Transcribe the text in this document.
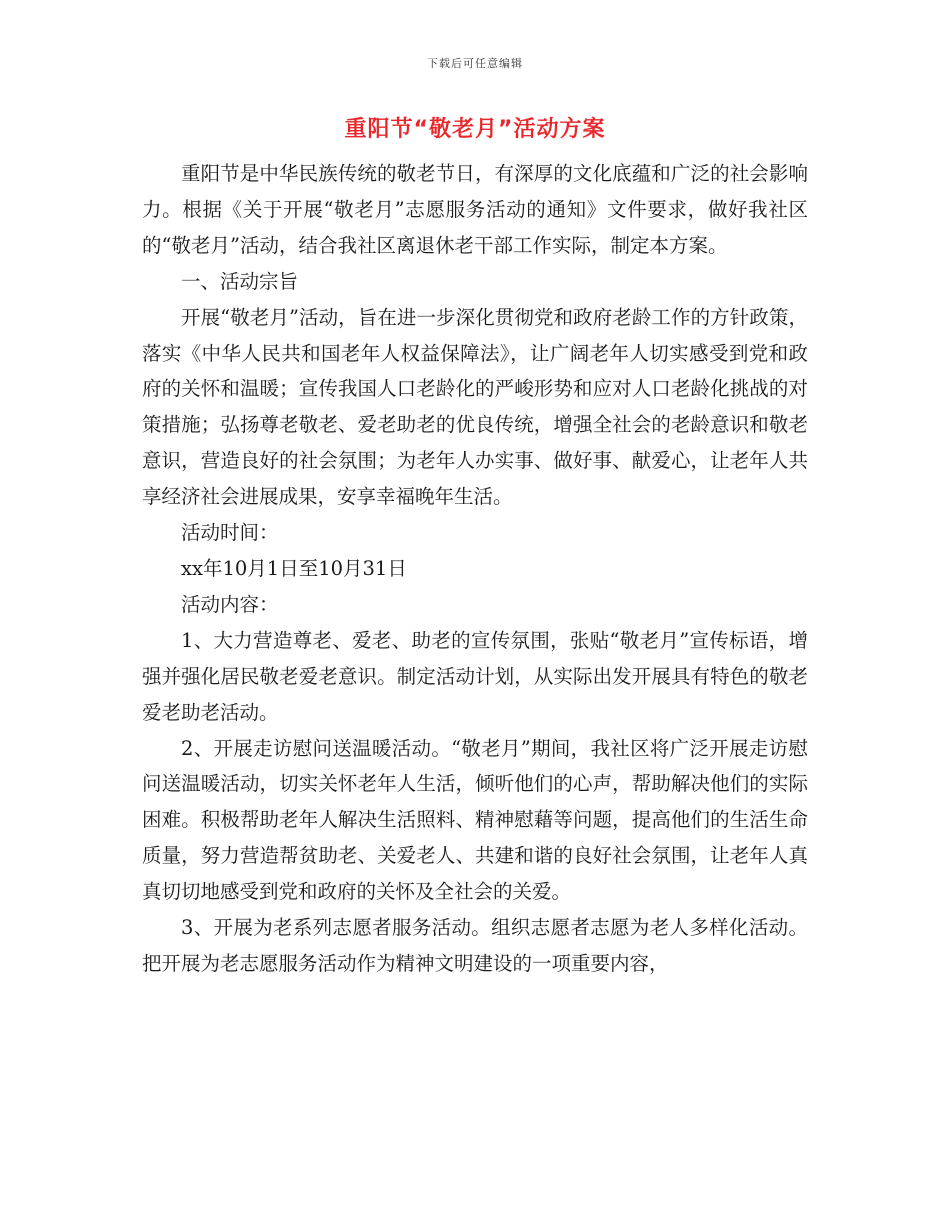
下载后可任意编辑
重阳节“敬老月”活动方案

重阳节是中华民族传统的敬老节日，有深厚的文化底蕴和广泛的社会影响力。根据《关于开展“敬老月”志愿服务活动的通知》文件要求，做好我社区的“敬老月”活动，结合我社区离退休老干部工作实际，制定本方案。

一、活动宗旨

开展“敬老月”活动，旨在进一步深化贯彻党和政府老龄工作的方针政策，落实《中华人民共和国老年人权益保障法》，让广阔老年人切实感受到党和政府的关怀和温暖；宣传我国人口老龄化的严峻形势和应对人口老龄化挑战的对策措施；弘扬尊老敬老、爱老助老的优良传统，增强全社会的老龄意识和敬老意识，营造良好的社会氛围；为老年人办实事、做好事、献爱心，让老年人共享经济社会进展成果，安享幸福晚年生活。

活动时间：

xx年10月1日至10月31日

活动内容：

1、大力营造尊老、爱老、助老的宣传氛围，张贴“敬老月”宣传标语，增强并强化居民敬老爱老意识。制定活动计划，从实际出发开展具有特色的敬老爱老助老活动。

2、开展走访慰问送温暖活动。“敬老月”期间，我社区将广泛开展走访慰问送温暖活动，切实关怀老年人生活，倾听他们的心声，帮助解决他们的实际困难。积极帮助老年人解决生活照料、精神慰藉等问题，提高他们的生活生命质量，努力营造帮贫助老、关爱老人、共建和谐的良好社会氛围，让老年人真真切切地感受到党和政府的关怀及全社会的关爱。

3、开展为老系列志愿者服务活动。组织志愿者志愿为老人多样化活动。把开展为老志愿服务活动作为精神文明建设的一项重要内容，
